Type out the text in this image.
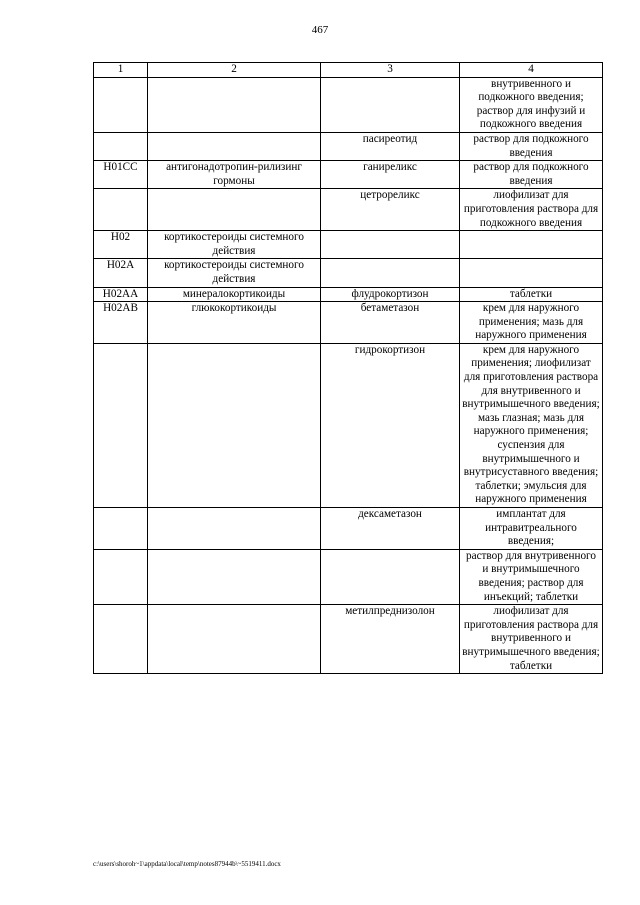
467
1	2	3	4
			внутривенного и подкожного введения; раствор для инфузий и подкожного введения
		пасиреотид	раствор для подкожного введения
H01CC	антигонадотропин-рилизинг гормоны	ганиреликс	раствор для подкожного введения
		цетрореликс	лиофилизат для приготовления раствора для подкожного введения
H02	кортикостероиды системного действия		
H02A	кортикостероиды системного действия		
H02AA	минералокортикоиды	флудрокортизон	таблетки
H02AB	глюкокортикоиды	бетаметазон	крем для наружного применения; мазь для наружного применения
		гидрокортизон	крем для наружного применения; лиофилизат для приготовления раствора для внутривенного и внутримышечного введения; мазь глазная; мазь для наружного применения; суспензия для внутримышечного и внутрисуставного введения; таблетки; эмульсия для наружного применения
		дексаметазон	имплантат для интравитреального введения;
			раствор для внутривенного и внутримышечного введения; раствор для инъекций; таблетки
		метилпреднизолон	лиофилизат для приготовления раствора для внутривенного и внутримышечного введения; таблетки
c:\users\shoroh~1\appdata\local\temp\notes87944b\~5519411.docx
